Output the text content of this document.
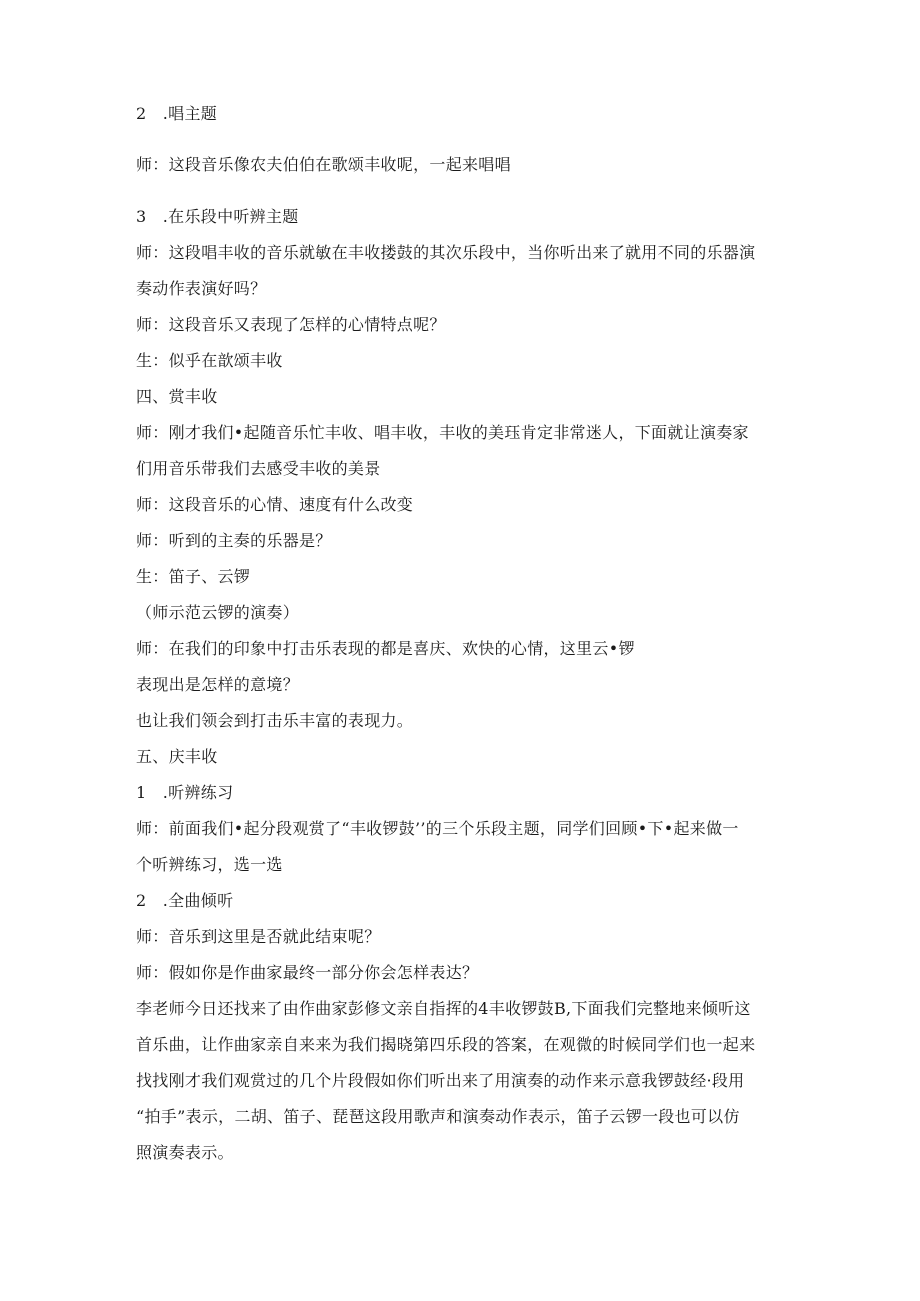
2　.唱主题
师：这段音乐像农夫伯伯在歌颂丰收呢，一起来唱唱
3　.在乐段中听辨主题
师：这段唱丰收的音乐就敏在丰收搂鼓的其次乐段中，当你听出来了就用不同的乐器演
奏动作表演好吗？
师：这段音乐又表现了怎样的心情特点呢？
生：似乎在歆颂丰收
四、赏丰收
师：刚才我们•起随音乐忙丰收、唱丰收，丰收的美珏肯定非常迷人，下面就让演奏家
们用音乐带我们去感受丰收的美景
师：这段音乐的心情、速度有什么改变
师：听到的主奏的乐器是？
生：笛子、云锣
（师示范云锣的演奏）
师：在我们的印象中打击乐表现的都是喜庆、欢快的心情，这里云•锣
表现出是怎样的意境？
也让我们领会到打击乐丰富的表现力。
五、庆丰收
1　.听辨练习
师：前面我们•起分段观赏了“丰收锣鼓’’的三个乐段主题，同学们回顾•下•起来做一
个听辨练习，选一选
2　.全曲倾听
师：音乐到这里是否就此结束呢？
师：假如你是作曲家最终一部分你会怎样表达？
李老师今日还找来了由作曲家彭修文亲自指挥的4丰收锣鼓B,下面我们完整地来倾听这
首乐曲，让作曲家亲自来来为我们揭晓第四乐段的答案，在观微的时候同学们也一起来
找找刚才我们观赏过的几个片段假如你们听出来了用演奏的动作来示意我锣鼓经·段用
“拍手”表示，二胡、笛子、琵琶这段用歌声和演奏动作表示，笛子云锣一段也可以仿
照演奏表示。
